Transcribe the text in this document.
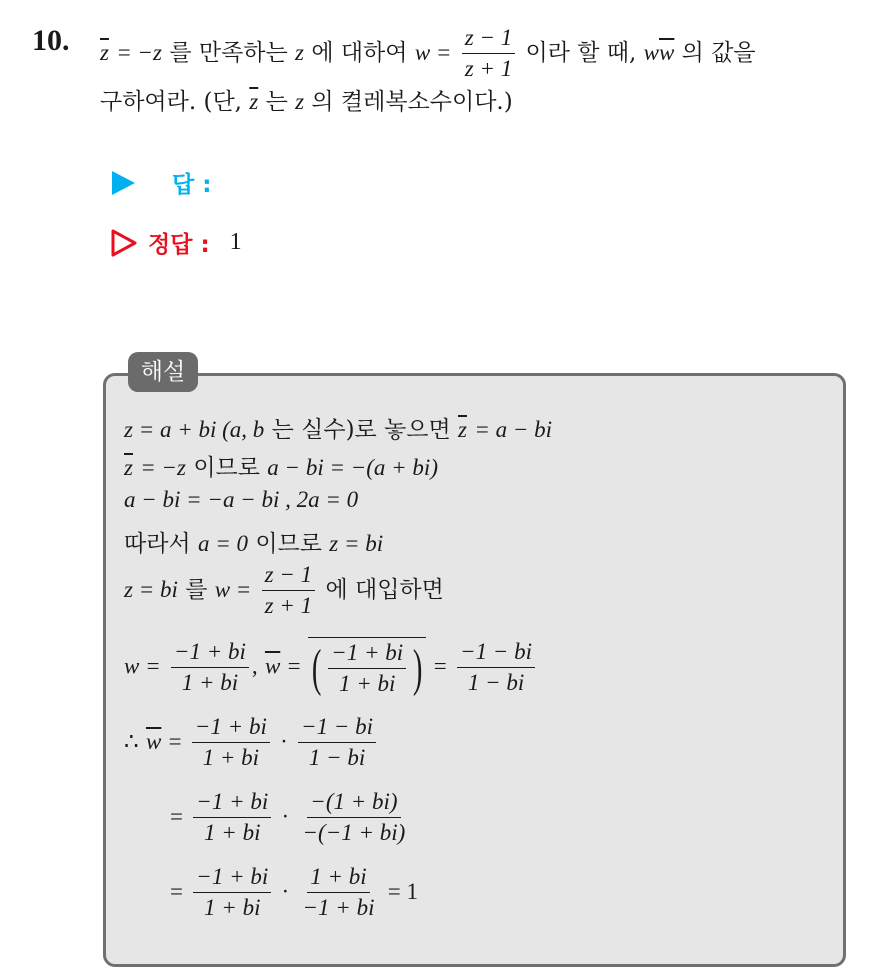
10. $\overline{z} = -z$ 를 만족하는 z 에 대하여 $w = \frac{z - 1}{z + 1}$ 이라 할 때, $w\overline{w}$ 의 값을
구하여라. (단, $\overline{z}$ 는 z 의 켤레복소수이다.)
답 :
정답 : 1
해설
z = a + bi (a, b 는 실수)로 놓으면 $\overline{z} = a$ − bi
$\overline{z} = -z$ 이므로 a − bi = −(a + bi)
a − bi = −a − bi , 2a = 0
따라서 a = 0 이므로 z = bi
z = bi 를 $w = \frac{z - 1}{z + 1}$ 에 대입하면
$w = \frac{-1 + bi}{1 + bi}$ , $\overline{w}$ = ( $\frac{-1 + bi}{1 + bi}$ ) = $\frac{-1 - bi}{1 - bi}$
∴ $\overline{w} = \frac{-1 + bi}{1 + bi} \cdot \frac{-1 - bi}{1 - bi}$
= $\frac{-1 + bi}{1 + bi} \cdot \frac{-(1 + bi)}{-(-1 + bi)}$
= $\frac{-1 + bi}{1 + bi} \cdot \frac{1 + bi}{-1 + bi} = 1$
